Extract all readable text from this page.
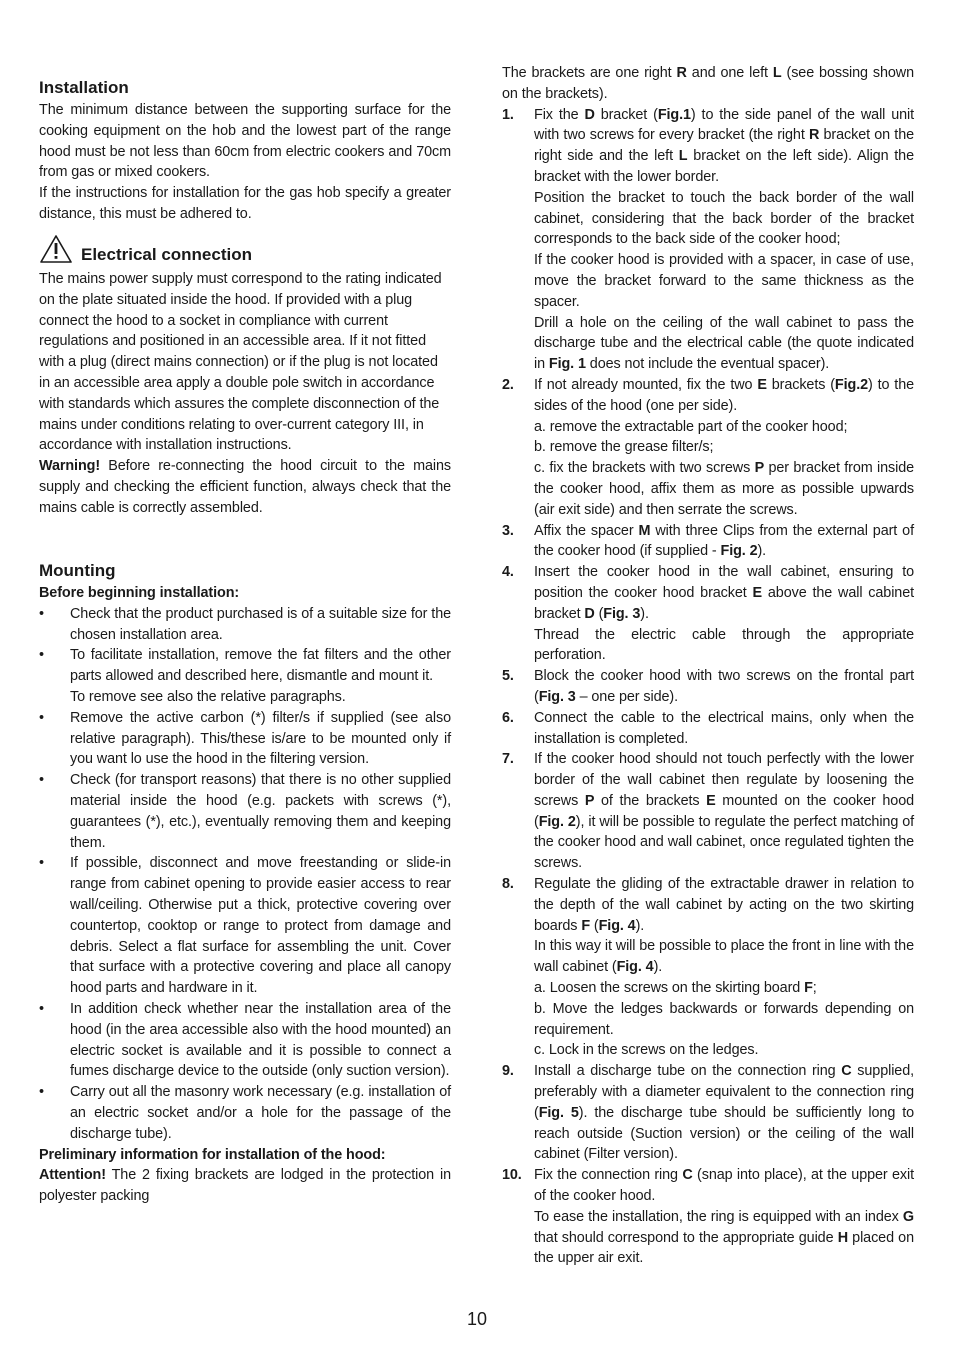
Installation

The minimum distance between the supporting surface for the cooking equipment on the hob and the lowest part of the range hood must be not less than 60cm from electric cookers and 70cm from gas or mixed cookers.

If the instructions for installation for the gas hob specify a greater distance, this must be adhered to.

Electrical connection

The mains power supply must correspond to the rating indicated on the plate situated inside the hood. If provided with a plug connect the hood to a socket in compliance with current regulations and positioned in an accessible area. If it not fitted with a plug (direct mains connection) or if the plug is not located in an accessible area apply a double pole switch in accordance with standards which assures the complete disconnection of the mains under conditions relating to over-current category III, in accordance with installation instructions.

Warning! Before re-connecting the hood circuit to the mains supply and checking the efficient function, always check that the mains cable is correctly assembled.

Mounting

Before beginning installation:

• Check that the product purchased is of a suitable size for the chosen installation area.
• To facilitate installation, remove the fat filters and the other parts allowed and described here, dismantle and mount it.
To remove see also the relative paragraphs.
• Remove the active carbon (*) filter/s if supplied (see also relative paragraph). This/these is/are to be mounted only if you want lo use the hood in the filtering version.
• Check (for transport reasons) that there is no other supplied material inside the hood (e.g. packets with screws (*), guarantees (*), etc.), eventually removing them and keeping them.
• If possible, disconnect and move freestanding or slide-in range from cabinet opening to provide easier access to rear wall/ceiling. Otherwise put a thick, protective covering over countertop, cooktop or range to protect from damage and debris. Select a flat surface for assembling the unit. Cover that surface with a protective covering and place all canopy hood parts and hardware in it.
• In addition check whether near the installation area of the hood (in the area accessible also with the hood mounted) an electric socket is available and it is possible to connect a fumes discharge device to the outside (only suction version).
• Carry out all the masonry work necessary (e.g. installation of an electric socket and/or a hole for the passage of the discharge tube).

Preliminary information for installation of the hood:

Attention! The 2 fixing brackets are lodged in the protection in polyester packing

The brackets are one right R and one left L (see bossing shown on the brackets).

1. Fix the D bracket (Fig.1) to the side panel of the wall unit with two screws for every bracket (the right R bracket on the right side and the left L bracket on the left side). Align the bracket with the lower border.
Position the bracket to touch the back border of the wall cabinet, considering that the back border of the bracket corresponds to the back side of the cooker hood;
If the cooker hood is provided with a spacer, in case of use, move the bracket forward to the same thickness as the spacer.
Drill a hole on the ceiling of the wall cabinet to pass the discharge tube and the electrical cable (the quote indicated in Fig. 1 does not include the eventual spacer).
2. If not already mounted, fix the two E brackets (Fig.2) to the sides of the hood (one per side).
a. remove the extractable part of the cooker hood;
b. remove the grease filter/s;
c. fix the brackets with two screws P per bracket from inside the cooker hood, affix them as more as possible upwards (air exit side) and then serrate the screws.
3. Affix the spacer M with three Clips from the external part of the cooker hood (if supplied - Fig. 2).
4. Insert the cooker hood in the wall cabinet, ensuring to position the cooker hood bracket E above the wall cabinet bracket D (Fig. 3).
Thread the electric cable through the appropriate perforation.
5. Block the cooker hood with two screws on the frontal part (Fig. 3 – one per side).
6. Connect the cable to the electrical mains, only when the installation is completed.
7. If the cooker hood should not touch perfectly with the lower border of the wall cabinet then regulate by loosening the screws P of the brackets E mounted on the cooker hood (Fig. 2), it will be possible to regulate the perfect matching of the cooker hood and wall cabinet, once regulated tighten the screws.
8. Regulate the gliding of the extractable drawer in relation to the depth of the wall cabinet by acting on the two skirting boards F (Fig. 4).
In this way it will be possible to place the front in line with the wall cabinet (Fig. 4).
a. Loosen the screws on the skirting board F;
b. Move the ledges backwards or forwards depending on requirement.
c. Lock in the screws on the ledges.
9. Install a discharge tube on the connection ring C supplied, preferably with a diameter equivalent to the connection ring (Fig. 5). the discharge tube should be sufficiently long to reach outside (Suction version) or the ceiling of the wall cabinet (Filter version).
10. Fix the connection ring C (snap into place), at the upper exit of the cooker hood.
To ease the installation, the ring is equipped with an index G that should correspond to the appropriate guide H placed on the upper air exit.
10
